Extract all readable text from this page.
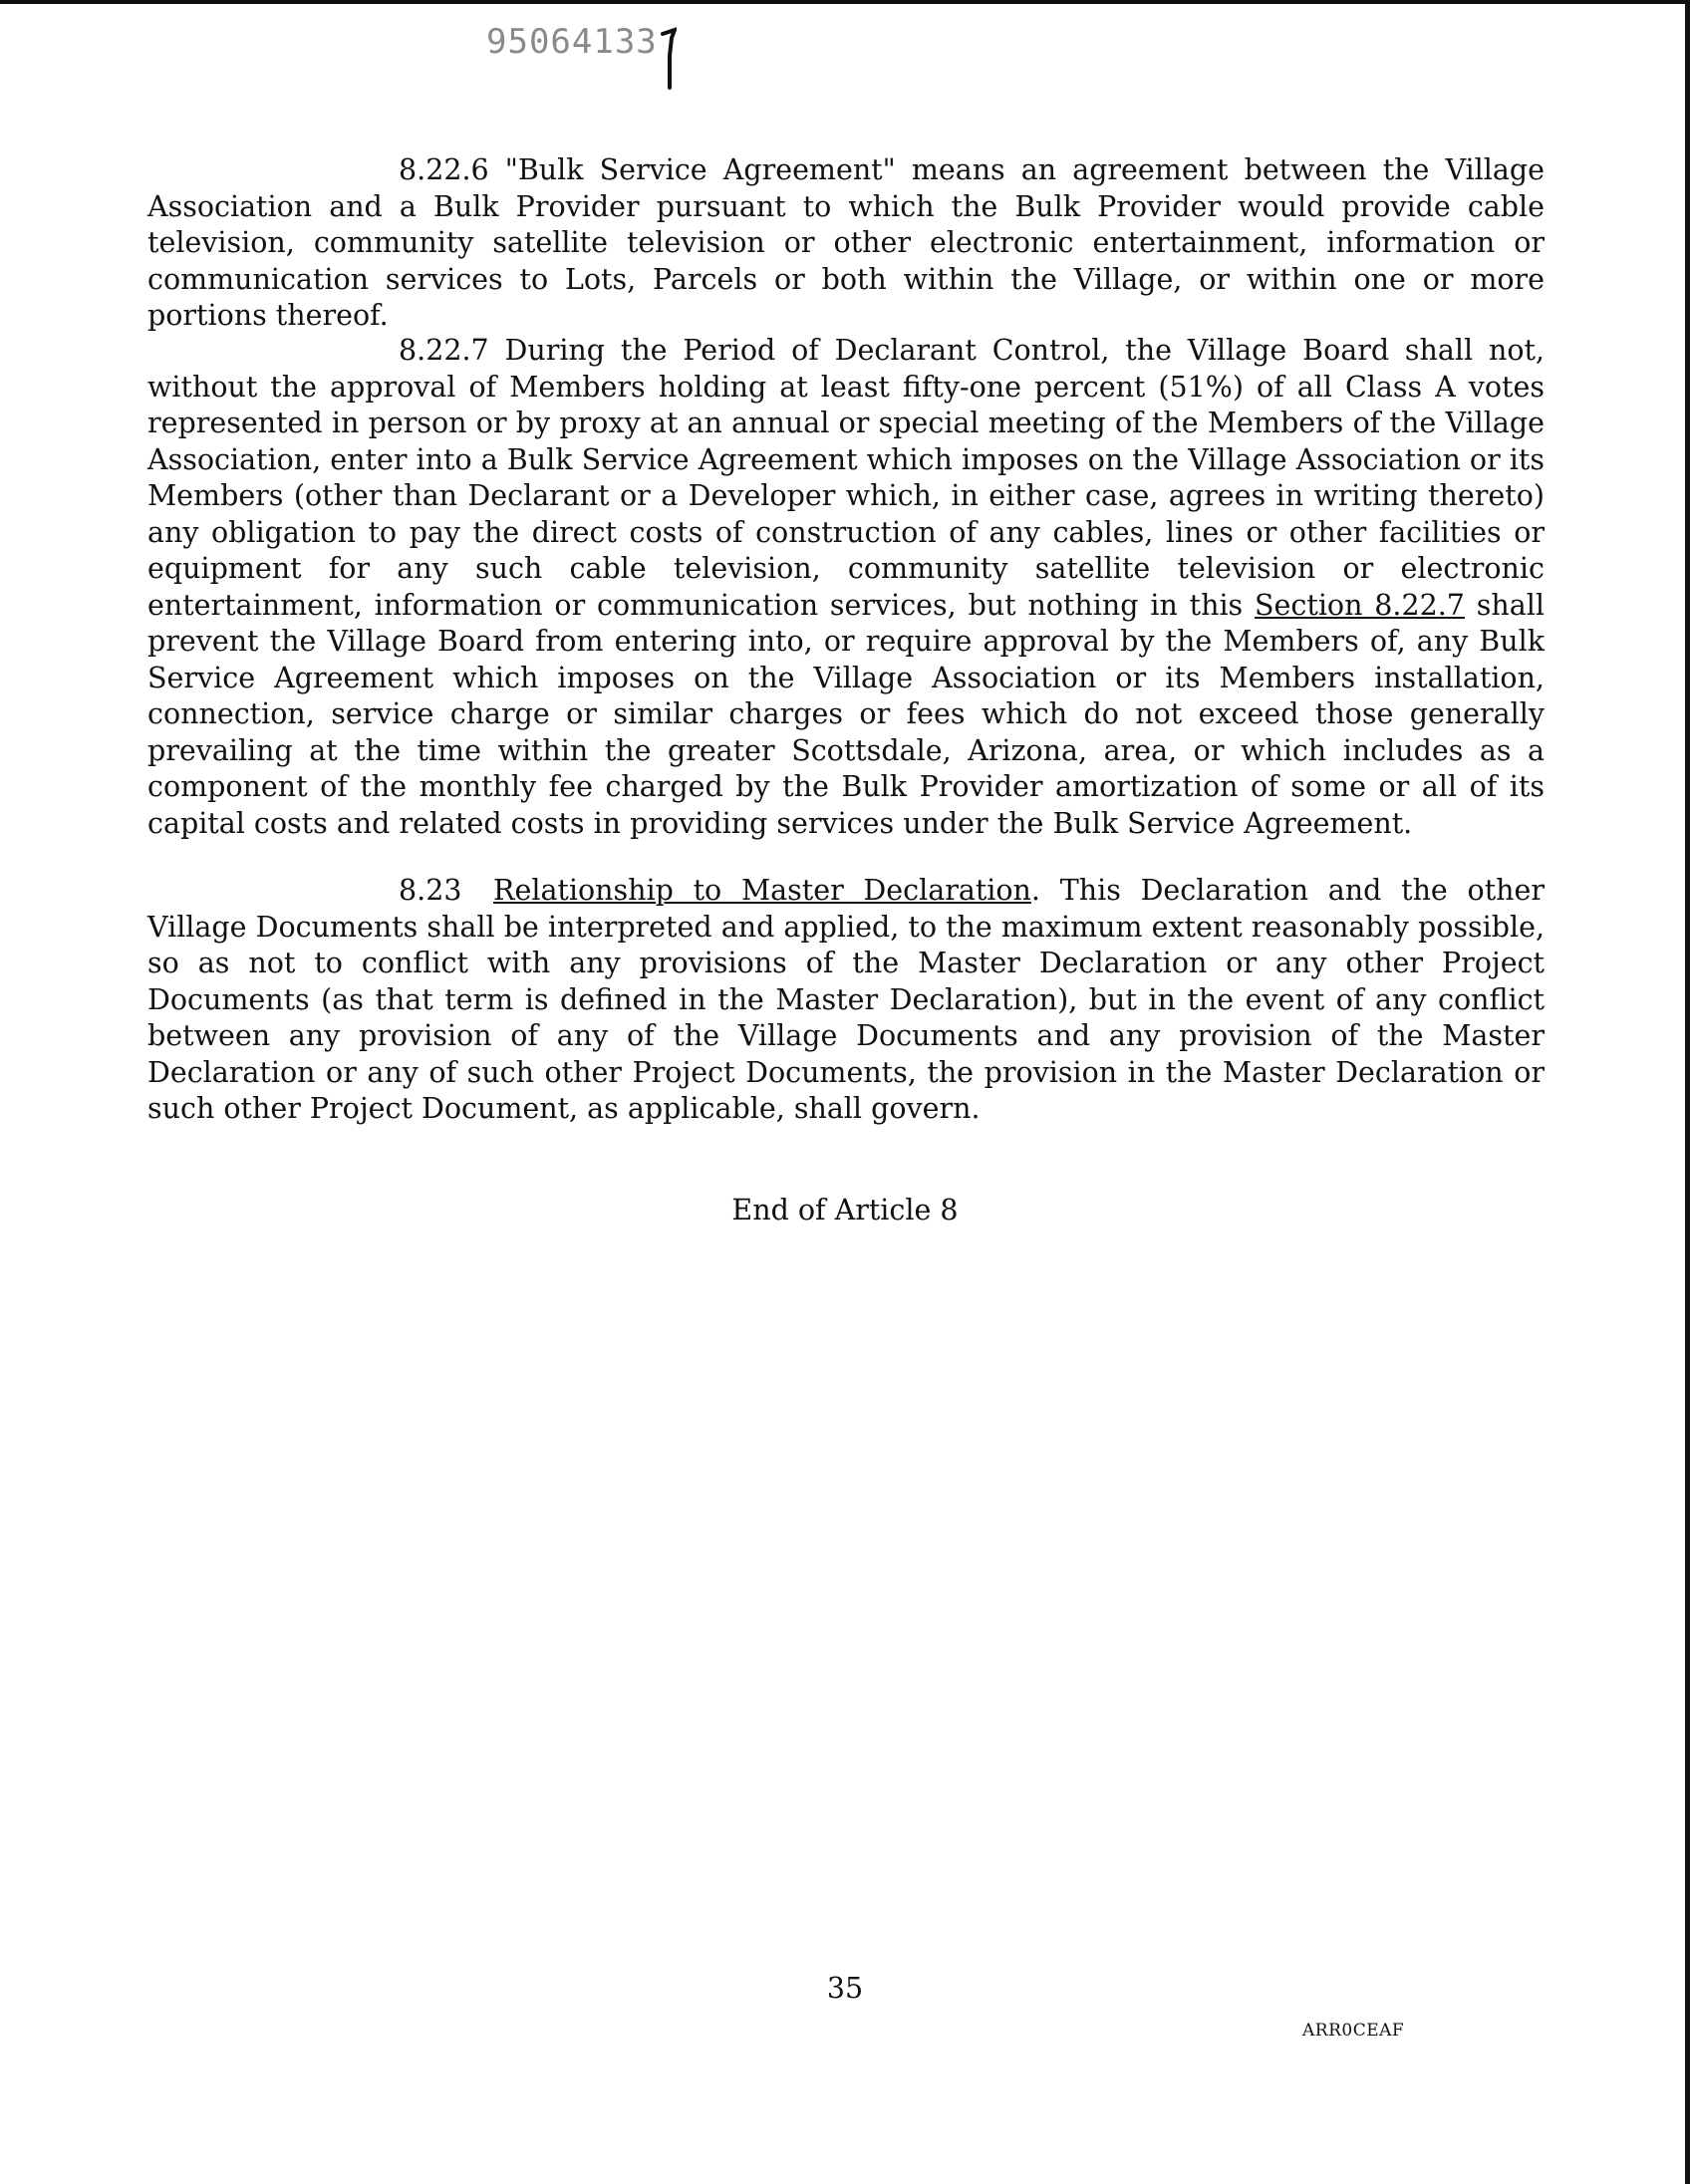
95064133

8.22.6 "Bulk Service Agreement" means an agreement between the Village Association and a Bulk Provider pursuant to which the Bulk Provider would provide cable television, community satellite television or other electronic entertainment, information or communication services to Lots, Parcels or both within the Village, or within one or more portions thereof.

8.22.7 During the Period of Declarant Control, the Village Board shall not, without the approval of Members holding at least fifty-one percent (51%) of all Class A votes represented in person or by proxy at an annual or special meeting of the Members of the Village Association, enter into a Bulk Service Agreement which imposes on the Village Association or its Members (other than Declarant or a Developer which, in either case, agrees in writing thereto) any obligation to pay the direct costs of construction of any cables, lines or other facilities or equipment for any such cable television, community satellite television or electronic entertainment, information or communication services, but nothing in this Section 8.22.7 shall prevent the Village Board from entering into, or require approval by the Members of, any Bulk Service Agreement which imposes on the Village Association or its Members installation, connection, service charge or similar charges or fees which do not exceed those generally prevailing at the time within the greater Scottsdale, Arizona, area, or which includes as a component of the monthly fee charged by the Bulk Provider amortization of some or all of its capital costs and related costs in providing services under the Bulk Service Agreement.

8.23 Relationship to Master Declaration. This Declaration and the other Village Documents shall be interpreted and applied, to the maximum extent reasonably possible, so as not to conflict with any provisions of the Master Declaration or any other Project Documents (as that term is defined in the Master Declaration), but in the event of any conflict between any provision of any of the Village Documents and any provision of the Master Declaration or any of such other Project Documents, the provision in the Master Declaration or such other Project Document, as applicable, shall govern.

End of Article 8
35
ARR0CEAF
